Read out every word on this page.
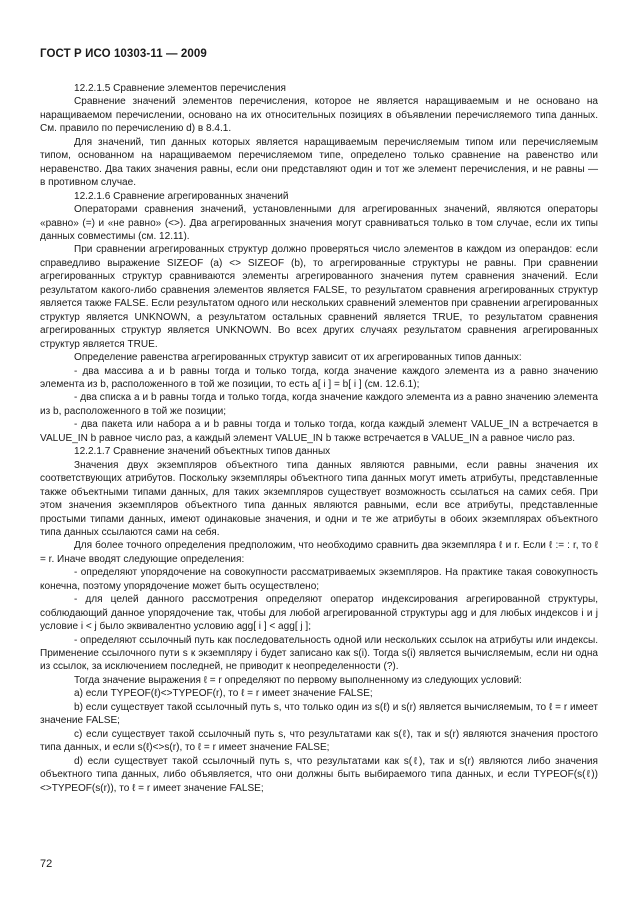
ГОСТ Р ИСО 10303-11 — 2009

12.2.1.5 Сравнение элементов перечисления

Сравнение значений элементов перечисления, которое не является наращиваемым и не основано на наращиваемом перечислении, основано на их относительных позициях в объявлении перечисляемого типа данных. См. правило по перечислению d) в 8.4.1.

Для значений, тип данных которых является наращиваемым перечисляемым типом или перечисляемым типом, основанном на наращиваемом перечисляемом типе, определено только сравнение на равенство или неравенство. Два таких значения равны, если они представляют один и тот же элемент перечисления, и не равны — в противном случае.

12.2.1.6 Сравнение агрегированных значений

Операторами сравнения значений, установленными для агрегированных значений, являются операторы «равно» (=) и «не равно» (<>). Два агрегированных значения могут сравниваться только в том случае, если их типы данных совместимы (см. 12.11).

При сравнении агрегированных структур должно проверяться число элементов в каждом из операндов: если справедливо выражение SIZEOF (a) <> SIZEOF (b), то агрегированные структуры не равны. При сравнении агрегированных структур сравниваются элементы агрегированного значения путем сравнения значений. Если результатом какого-либо сравнения элементов является FALSE, то результатом сравнения агрегированных структур является также FALSE. Если результатом одного или нескольких сравнений элементов при сравнении агрегированных структур является UNKNOWN, а результатом остальных сравнений является TRUE, то результатом сравнения агрегированных структур является UNKNOWN. Во всех других случаях результатом сравнения агрегированных структур является TRUE.

Определение равенства агрегированных структур зависит от их агрегированных типов данных:

- два массива a и b равны тогда и только тогда, когда значение каждого элемента из a равно значению элемента из b, расположенного в той же позиции, то есть a[ i ] = b[ i ] (см. 12.6.1);

- два списка a и b равны тогда и только тогда, когда значение каждого элемента из a равно значению элемента из b, расположенного в той же позиции;

- два пакета или набора a и b равны тогда и только тогда, когда каждый элемент VALUE_IN a встречается в VALUE_IN b равное число раз, а каждый элемент VALUE_IN b также встречается в VALUE_IN a равное число раз.

12.2.1.7 Сравнение значений объектных типов данных

Значения двух экземпляров объектного типа данных являются равными, если равны значения их соответствующих атрибутов. Поскольку экземпляры объектного типа данных могут иметь атрибуты, представленные также объектными типами данных, для таких экземпляров существует возможность ссылаться на самих себя. При этом значения экземпляров объектного типа данных являются равными, если все атрибуты, представленные простыми типами данных, имеют одинаковые значения, и одни и те же атрибуты в обоих экземплярах объектного типа данных ссылаются сами на себя.

Для более точного определения предположим, что необходимо сравнить два экземпляра ℓ и r. Если ℓ := : r, то ℓ = r. Иначе вводят следующие определения:

- определяют упорядочение на совокупности рассматриваемых экземпляров. На практике такая совокупность конечна, поэтому упорядочение может быть осуществлено;

- для целей данного рассмотрения определяют оператор индексирования агрегированной структуры, соблюдающий данное упорядочение так, чтобы для любой агрегированной структуры agg и для любых индексов i и j условие i < j было эквивалентно условию agg[ i ] < agg[ j ];

- определяют ссылочный путь как последовательность одной или нескольких ссылок на атрибуты или индексы. Применение ссылочного пути s к экземпляру i будет записано как s(i). Тогда s(i) является вычисляемым, если ни одна из ссылок, за исключением последней, не приводит к неопределенности (?).

Тогда значение выражения ℓ = r определяют по первому выполненному из следующих условий:

а) если TYPEOF(ℓ)<>TYPEOF(r), то ℓ = r имеет значение FALSE;

b) если существует такой ссылочный путь s, что только один из s(ℓ) и s(r) является вычисляемым, то ℓ = r имеет значение FALSE;

с) если существует такой ссылочный путь s, что результатами как s(ℓ), так и s(r) являются значения простого типа данных, и если s(ℓ)<>s(r), то ℓ = r имеет значение FALSE;

d) если существует такой ссылочный путь s, что результатами как s(ℓ), так и s(r) являются либо значения объектного типа данных, либо объявляется, что они должны быть выбираемого типа данных, и если TYPEOF(s(ℓ))<>TYPEOF(s(r)), то ℓ = r имеет значение FALSE;

72
